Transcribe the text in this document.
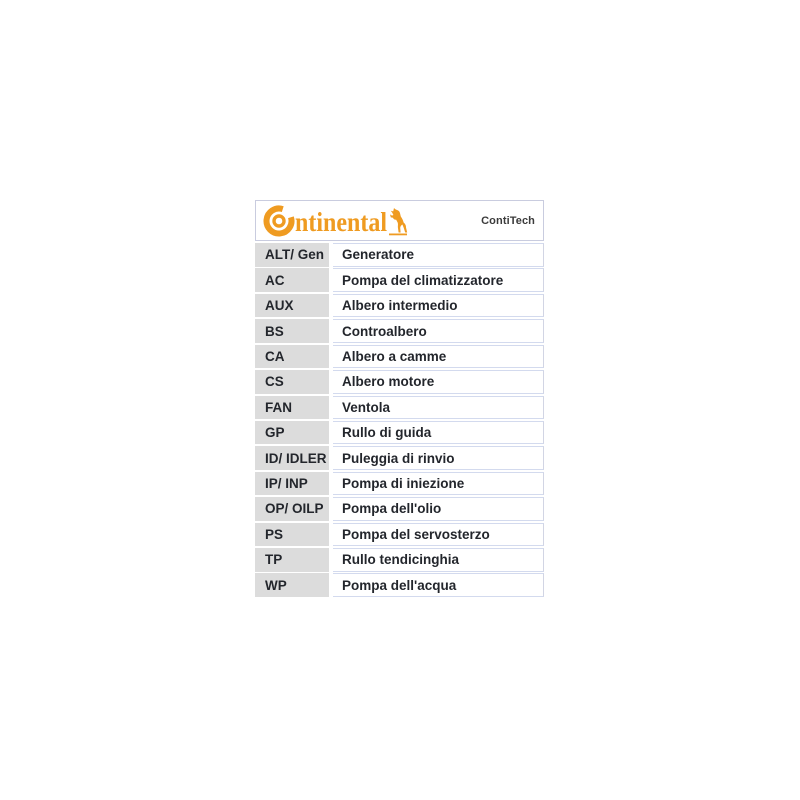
ntinental	ContiTech
ALT/ Gen	Generatore
AC	Pompa del climatizzatore
AUX	Albero intermedio
BS	Controalbero
CA	Albero a camme
CS	Albero motore
FAN	Ventola
GP	Rullo di guida
ID/ IDLER	Puleggia di rinvio
IP/ INP	Pompa di iniezione
OP/ OILP	Pompa dell'olio
PS	Pompa del servosterzo
TP	Rullo tendicinghia
WP	Pompa dell'acqua
